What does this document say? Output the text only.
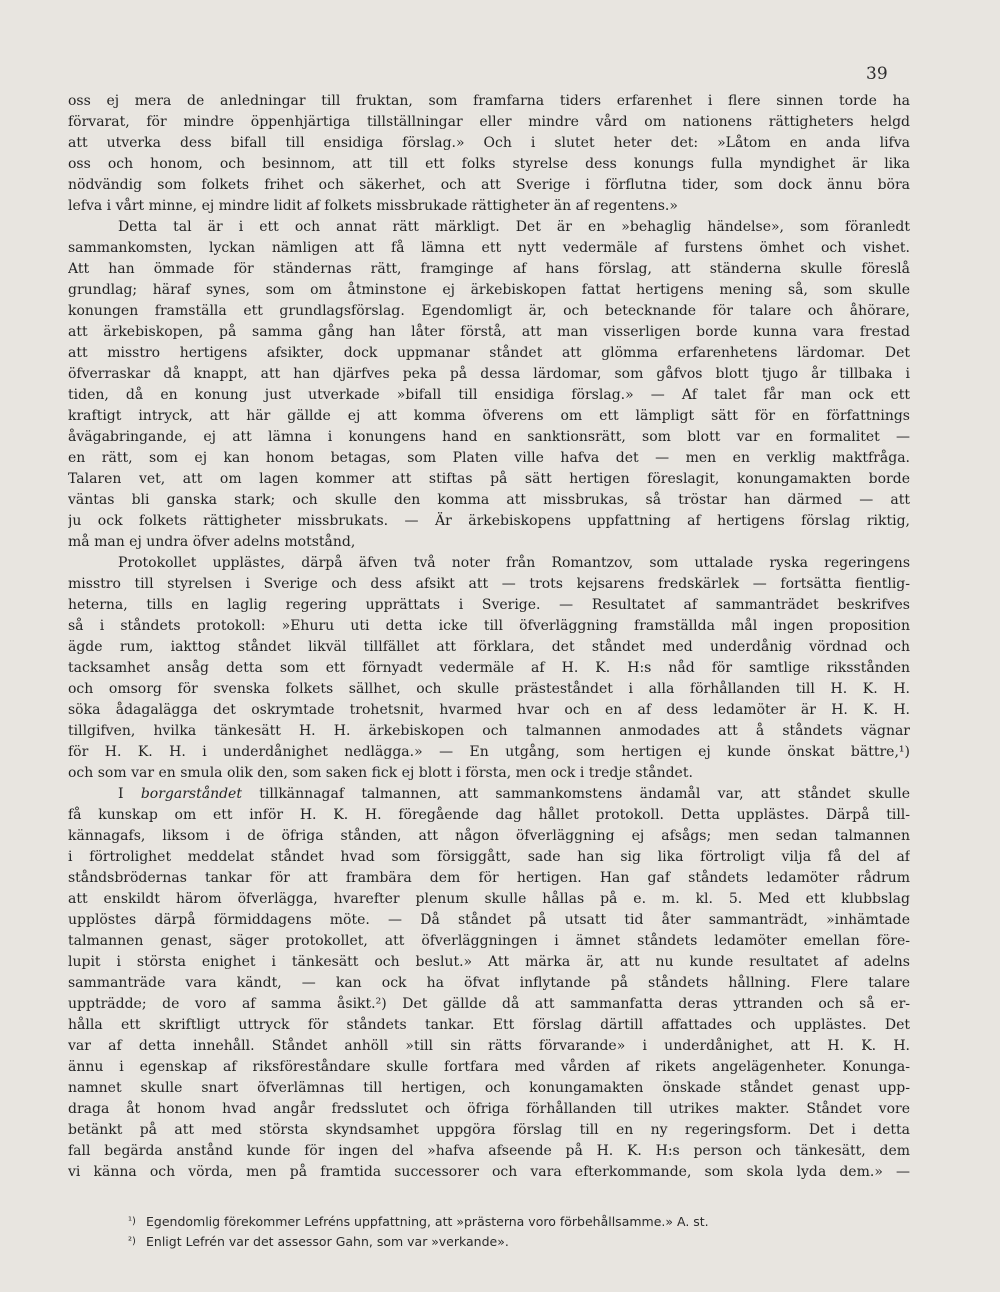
39
oss ej mera de anledningar till fruktan, som framfarna tiders erfarenhet i flere sinnen torde ha
förvarat, för mindre öppenhjärtiga tillställningar eller mindre vård om nationens rättigheters helgd
att utverka dess bifall till ensidiga förslag.» Och i slutet heter det: »Låtom en anda lifva
oss och honom, och besinnom, att till ett folks styrelse dess konungs fulla myndighet är lika
nödvändig som folkets frihet och säkerhet, och att Sverige i förflutna tider, som dock ännu böra
lefva i vårt minne, ej mindre lidit af folkets missbrukade rättigheter än af regentens.»
Detta tal är i ett och annat rätt märkligt. Det är en »behaglig händelse», som föranledt
sammankomsten, lyckan nämligen att få lämna ett nytt vedermäle af furstens ömhet och vishet.
Att han ömmade för ständernas rätt, framginge af hans förslag, att ständerna skulle föreslå
grundlag; häraf synes, som om åtminstone ej ärkebiskopen fattat hertigens mening så, som skulle
konungen framställa ett grundlagsförslag. Egendomligt är, och betecknande för talare och åhörare,
att ärkebiskopen, på samma gång han låter förstå, att man visserligen borde kunna vara frestad
att misstro hertigens afsikter, dock uppmanar ståndet att glömma erfarenhetens lärdomar. Det
öfverraskar då knappt, att han djärfves peka på dessa lärdomar, som gåfvos blott tjugo år tillbaka i
tiden, då en konung just utverkade »bifall till ensidiga förslag.» — Af talet får man ock ett
kraftigt intryck, att här gällde ej att komma öfverens om ett lämpligt sätt för en författnings
åvägabringande, ej att lämna i konungens hand en sanktionsrätt, som blott var en formalitet —
en rätt, som ej kan honom betagas, som Platen ville hafva det — men en verklig maktfråga.
Talaren vet, att om lagen kommer att stiftas på sätt hertigen föreslagit, konungamakten borde
väntas bli ganska stark; och skulle den komma att missbrukas, så tröstar han därmed — att
ju ock folkets rättigheter missbrukats. — Är ärkebiskopens uppfattning af hertigens förslag riktig,
må man ej undra öfver adelns motstånd,
Protokollet upplästes, därpå äfven två noter från Romantzov, som uttalade ryska regeringens
misstro till styrelsen i Sverige och dess afsikt att — trots kejsarens fredskärlek — fortsätta fientlig-
heterna, tills en laglig regering upprättats i Sverige. — Resultatet af sammanträdet beskrifves
så i ståndets protokoll: »Ehuru uti detta icke till öfverläggning framställda mål ingen proposition
ägde rum, iakttog ståndet likväl tillfället att förklara, det ståndet med underdånig vördnad och
tacksamhet ansåg detta som ett förnyadt vedermäle af H. K. H:s nåd för samtlige riksstånden
och omsorg för svenska folkets sällhet, och skulle prästeståndet i alla förhållanden till H. K. H.
söka ådagalägga det oskrymtade trohetsnit, hvarmed hvar och en af dess ledamöter är H. K. H.
tillgifven, hvilka tänkesätt H. H. ärkebiskopen och talmannen anmodades att å ståndets vägnar
för H. K. H. i underdånighet nedlägga.» — En utgång, som hertigen ej kunde önskat bättre,¹)
och som var en smula olik den, som saken fick ej blott i första, men ock i tredje ståndet.
I borgarståndet tillkännagaf talmannen, att sammankomstens ändamål var, att ståndet skulle
få kunskap om ett inför H. K. H. föregående dag hållet protokoll. Detta upplästes. Därpå till-
kännagafs, liksom i de öfriga stånden, att någon öfverläggning ej afsågs; men sedan talmannen
i förtrolighet meddelat ståndet hvad som försiggått, sade han sig lika förtroligt vilja få del af
ståndsbrödernas tankar för att frambära dem för hertigen. Han gaf ståndets ledamöter rådrum
att enskildt härom öfverlägga, hvarefter plenum skulle hållas på e. m. kl. 5. Med ett klubbslag
upplöstes därpå förmiddagens möte. — Då ståndet på utsatt tid åter sammanträdt, »inhämtade
talmannen genast, säger protokollet, att öfverläggningen i ämnet ståndets ledamöter emellan före-
lupit i största enighet i tänkesätt och beslut.» Att märka är, att nu kunde resultatet af adelns
sammanträde vara kändt, — kan ock ha öfvat inflytande på ståndets hållning. Flere talare
uppträdde; de voro af samma åsikt.²) Det gällde då att sammanfatta deras yttranden och så er-
hålla ett skriftligt uttryck för ståndets tankar. Ett förslag därtill affattades och upplästes. Det
var af detta innehåll. Ståndet anhöll »till sin rätts förvarande» i underdånighet, att H. K. H.
ännu i egenskap af riksföreståndare skulle fortfara med vården af rikets angelägenheter. Konunga-
namnet skulle snart öfverlämnas till hertigen, och konungamakten önskade ståndet genast upp-
draga åt honom hvad angår fredsslutet och öfriga förhållanden till utrikes makter. Ståndet vore
betänkt på att med största skyndsamhet uppgöra förslag till en ny regeringsform. Det i detta
fall begärda anstånd kunde för ingen del »hafva afseende på H. K. H:s person och tänkesätt, dem
vi känna och vörda, men på framtida successorer och vara efterkommande, som skola lyda dem.» —
¹) Egendomlig förekommer Lefréns uppfattning, att »prästerna voro förbehållsamme.» A. st.
²) Enligt Lefrén var det assessor Gahn, som var »verkande».
